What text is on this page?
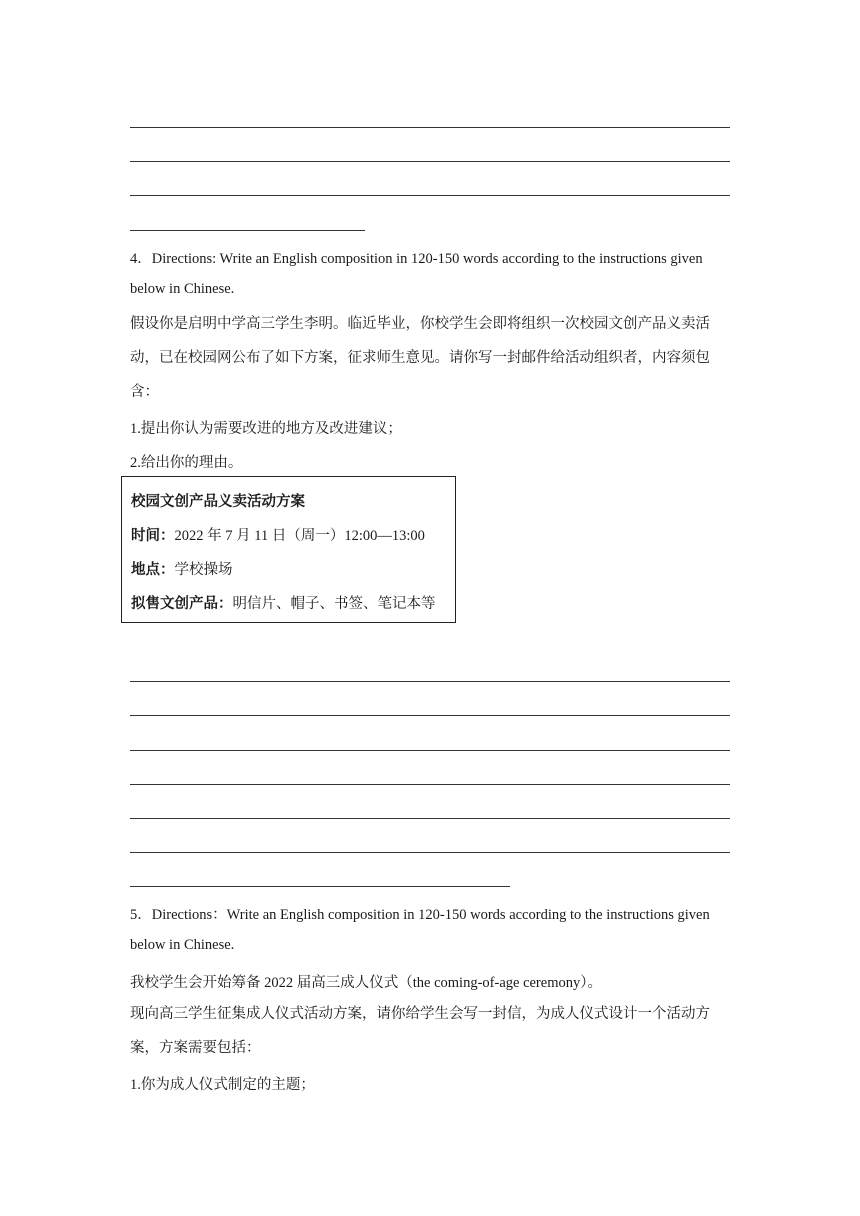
4．Directions: Write an English composition in 120-150 words according to the instructions given
below in Chinese.
假设你是启明中学高三学生李明。临近毕业，你校学生会即将组织一次校园文创产品义卖活动，已在校园网公布了如下方案，征求师生意见。请你写一封邮件给活动组织者，内容须包含：
1.提出你认为需要改进的地方及改进建议；
2.给出你的理由。
校园文创产品义卖活动方案
时间：2022 年 7 月 11 日（周一）12:00—13:00
地点：学校操场
拟售文创产品：明信片、帽子、书签、笔记本等
5．Directions：Write an English composition in 120-150 words according to the instructions given
below in Chinese.
我校学生会开始筹备 2022 届高三成人仪式（the coming-of-age ceremony）。
现向高三学生征集成人仪式活动方案，请你给学生会写一封信，为成人仪式设计一个活动方案，方案需要包括：
1.你为成人仪式制定的主题；
